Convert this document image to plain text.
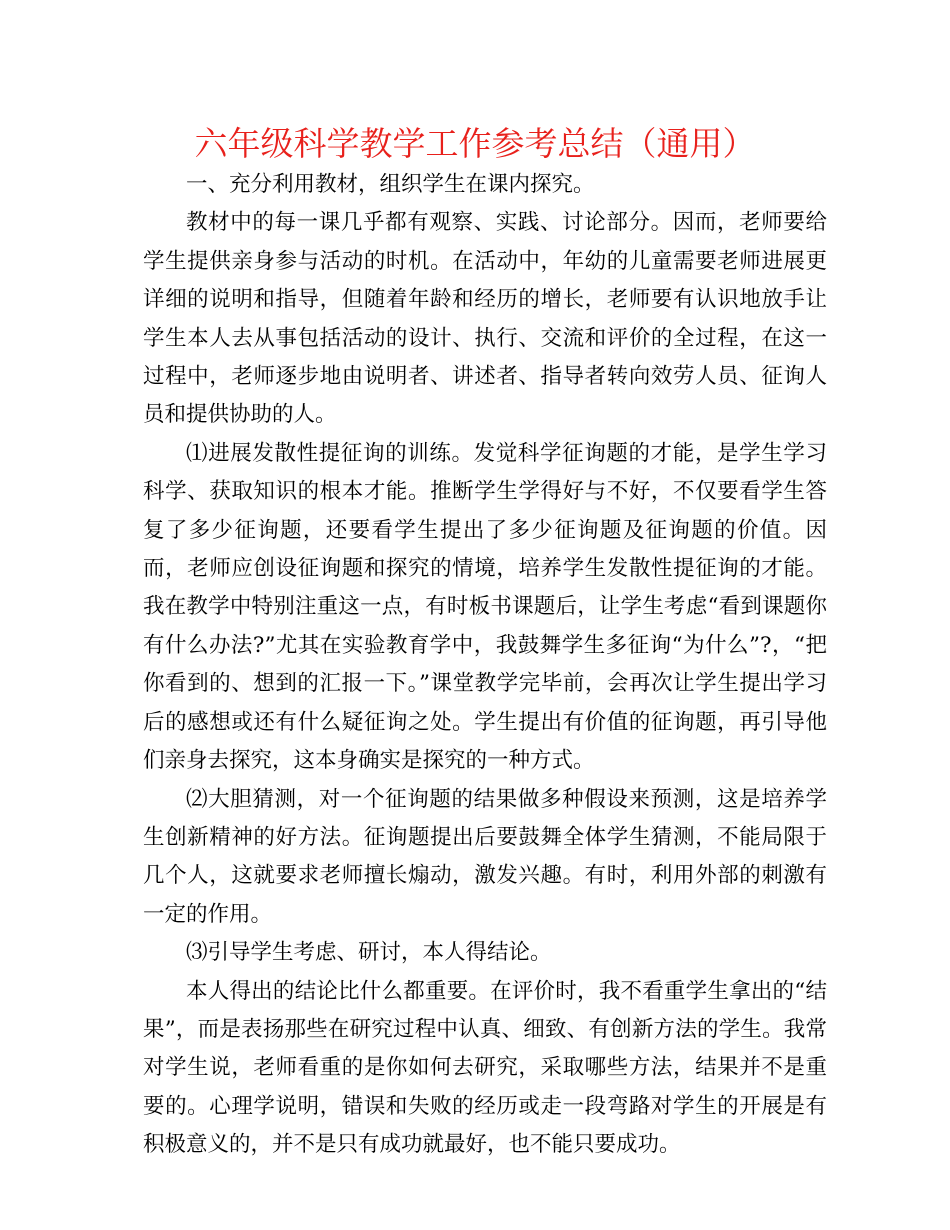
六年级科学教学工作参考总结（通用）

一、充分利用教材，组织学生在课内探究。

教材中的每一课几乎都有观察、实践、讨论部分。因而，老师要给学生提供亲身参与活动的时机。在活动中，年幼的儿童需要老师进展更详细的说明和指导，但随着年龄和经历的增长，老师要有认识地放手让学生本人去从事包括活动的设计、执行、交流和评价的全过程，在这一过程中，老师逐步地由说明者、讲述者、指导者转向效劳人员、征询人员和提供协助的人。

⑴进展发散性提征询的训练。发觉科学征询题的才能，是学生学习科学、获取知识的根本才能。推断学生学得好与不好，不仅要看学生答复了多少征询题，还要看学生提出了多少征询题及征询题的价值。因而，老师应创设征询题和探究的情境，培养学生发散性提征询的才能。我在教学中特别注重这一点，有时板书课题后，让学生考虑“看到课题你有什么办法?”尤其在实验教育学中，我鼓舞学生多征询“为什么”?，“把你看到的、想到的汇报一下。”课堂教学完毕前，会再次让学生提出学习后的感想或还有什么疑征询之处。学生提出有价值的征询题，再引导他们亲身去探究，这本身确实是探究的一种方式。

⑵大胆猜测，对一个征询题的结果做多种假设来预测，这是培养学生创新精神的好方法。征询题提出后要鼓舞全体学生猜测，不能局限于几个人，这就要求老师擅长煽动，激发兴趣。有时，利用外部的刺激有一定的作用。

⑶引导学生考虑、研讨，本人得结论。

本人得出的结论比什么都重要。在评价时，我不看重学生拿出的“结果”，而是表扬那些在研究过程中认真、细致、有创新方法的学生。我常对学生说，老师看重的是你如何去研究，采取哪些方法，结果并不是重要的。心理学说明，错误和失败的经历或走一段弯路对学生的开展是有积极意义的，并不是只有成功就最好，也不能只要成功。
